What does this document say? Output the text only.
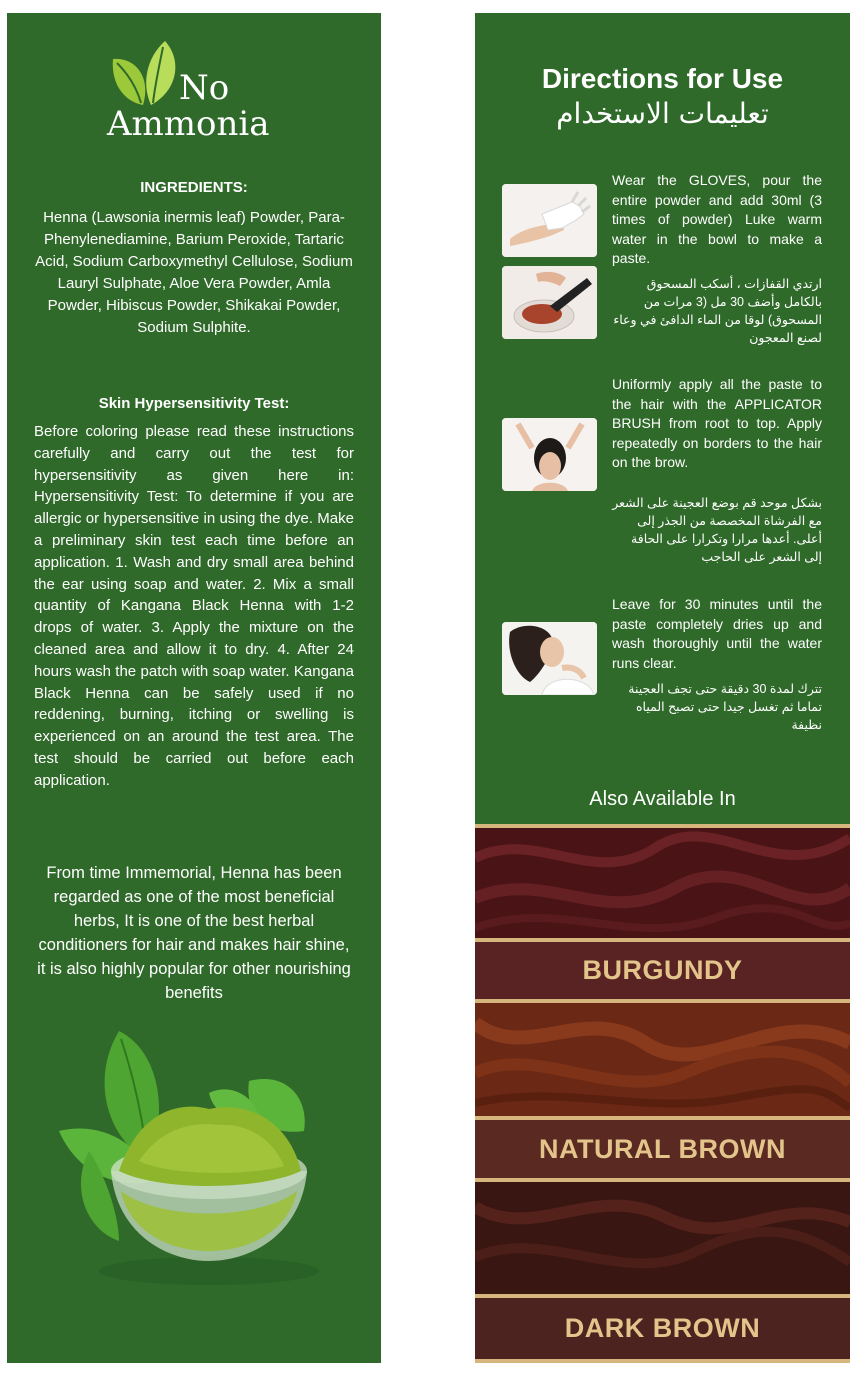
No
Ammonia
INGREDIENTS:
Henna (Lawsonia inermis leaf) Powder, Para-Phenylenediamine, Barium Peroxide, Tartaric Acid, Sodium Carboxymethyl Cellulose, Sodium Lauryl Sulphate, Aloe Vera Powder, Amla Powder, Hibiscus Powder, Shikakai Powder, Sodium Sulphite.
Skin Hypersensitivity Test:
Before coloring please read these instructions carefully and carry out the test for hypersensitivity as given here in: Hypersensitivity Test: To determine if you are allergic or hypersensitive in using the dye. Make a preliminary skin test each time before an application. 1. Wash and dry small area behind the ear using soap and water. 2. Mix a small quantity of Kangana Black Henna with 1-2 drops of water. 3. Apply the mixture on the cleaned area and allow it to dry. 4. After 24 hours wash the patch with soap water. Kangana Black Henna can be safely used if no reddening, burning, itching or swelling is experienced on an around the test area. The test should be carried out before each application.
From time Immemorial, Henna has been regarded as one of the most beneficial herbs, It is one of the best herbal conditioners for hair and makes hair shine, it is also highly popular for other nourishing benefits
Directions for Use
تعليمات الاستخدام
Wear the GLOVES, pour the entire powder and add 30ml (3 times of powder) Luke warm water in the bowl to make a paste.
ارتدي القفازات ، أسكب المسحوق بالكامل وأضف 30 مل (3 مرات من المسحوق) لوقا من الماء الدافئ في وعاء لصنع المعجون
Uniformly apply all the paste to the hair with the APPLICATOR BRUSH from root to top. Apply repeatedly on borders to the hair on the brow.
بشكل موحد قم بوضع العجينة على الشعر مع الفرشاة المخصصة من الجذر إلى أعلى. أعدها مرارا وتكرارا على الحافة إلى الشعر على الحاجب
Leave for 30 minutes until the paste completely dries up and wash thoroughly until the water runs clear.
تترك لمدة 30 دقيقة حتى تجف العجينة تماما ثم تغسل جيدا حتى تصبح المياه نظيفة
Also Available In
BURGUNDY
NATURAL BROWN
DARK BROWN
